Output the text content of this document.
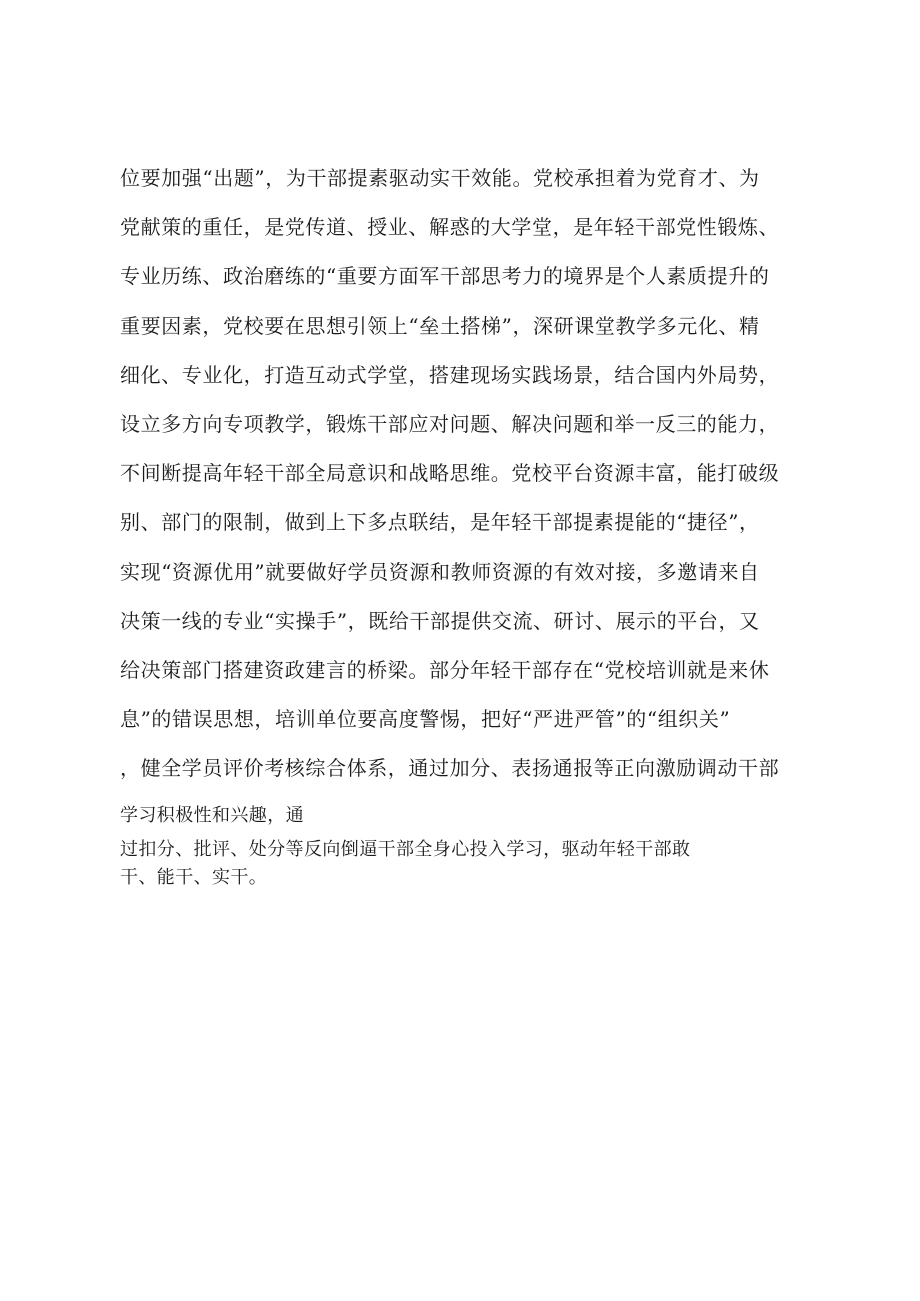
位要加强“出题”，为干部提素驱动实干效能。党校承担着为党育才、为
党献策的重任，是党传道、授业、解惑的大学堂，是年轻干部党性锻炼、
专业历练、政治磨练的“重要方面军干部思考力的境界是个人素质提升的
重要因素，党校要在思想引领上“垒土搭梯”，深研课堂教学多元化、精
细化、专业化，打造互动式学堂，搭建现场实践场景，结合国内外局势，
设立多方向专项教学，锻炼干部应对问题、解决问题和举一反三的能力，
不间断提高年轻干部全局意识和战略思维。党校平台资源丰富，能打破级
别、部门的限制，做到上下多点联结，是年轻干部提素提能的“捷径”，
实现“资源优用”就要做好学员资源和教师资源的有效对接，多邀请来自
决策一线的专业“实操手”，既给干部提供交流、研讨、展示的平台，又
给决策部门搭建资政建言的桥梁。部分年轻干部存在“党校培训就是来休
息”的错误思想，培训单位要高度警惕，把好“严进严管”的“组织关”
，健全学员评价考核综合体系，通过加分、表扬通报等正向激励调动干部
学习积极性和兴趣，通
过扣分、批评、处分等反向倒逼干部全身心投入学习，驱动年轻干部敢
干、能干、实干。
